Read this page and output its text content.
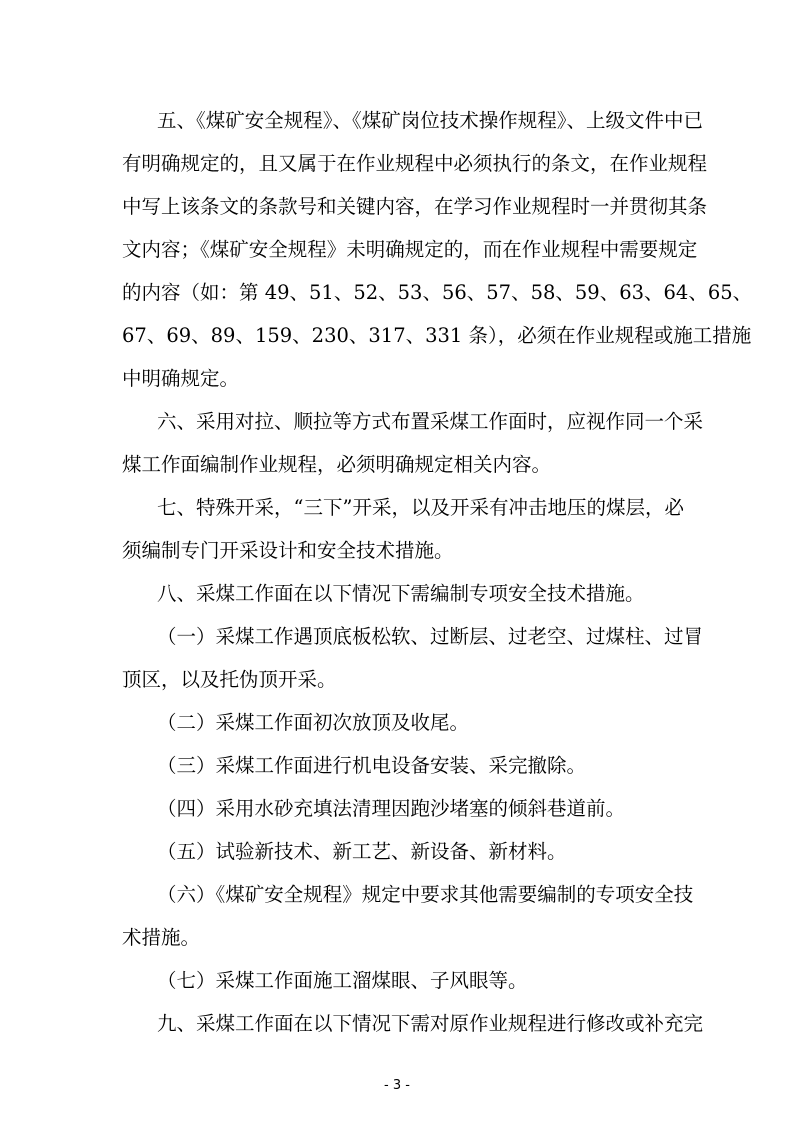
五、《煤矿安全规程》、《煤矿岗位技术操作规程》、上级文件中已
有明确规定的，且又属于在作业规程中必须执行的条文，在作业规程
中写上该条文的条款号和关键内容，在学习作业规程时一并贯彻其条
文内容；《煤矿安全规程》未明确规定的，而在作业规程中需要规定
的内容（如：第 49、51、52、53、56、57、58、59、63、64、65、
67、69、89、159、230、317、331 条），必须在作业规程或施工措施
中明确规定。
六、采用对拉、顺拉等方式布置采煤工作面时，应视作同一个采
煤工作面编制作业规程，必须明确规定相关内容。
七、特殊开采，“三下”开采，以及开采有冲击地压的煤层，必
须编制专门开采设计和安全技术措施。
八、采煤工作面在以下情况下需编制专项安全技术措施。
（一）采煤工作遇顶底板松软、过断层、过老空、过煤柱、过冒
顶区，以及托伪顶开采。
（二）采煤工作面初次放顶及收尾。
（三）采煤工作面进行机电设备安装、采完撤除。
（四）采用水砂充填法清理因跑沙堵塞的倾斜巷道前。
（五）试验新技术、新工艺、新设备、新材料。
（六）《煤矿安全规程》规定中要求其他需要编制的专项安全技
术措施。
（七）采煤工作面施工溜煤眼、子风眼等。
九、采煤工作面在以下情况下需对原作业规程进行修改或补充完
- 3 -
